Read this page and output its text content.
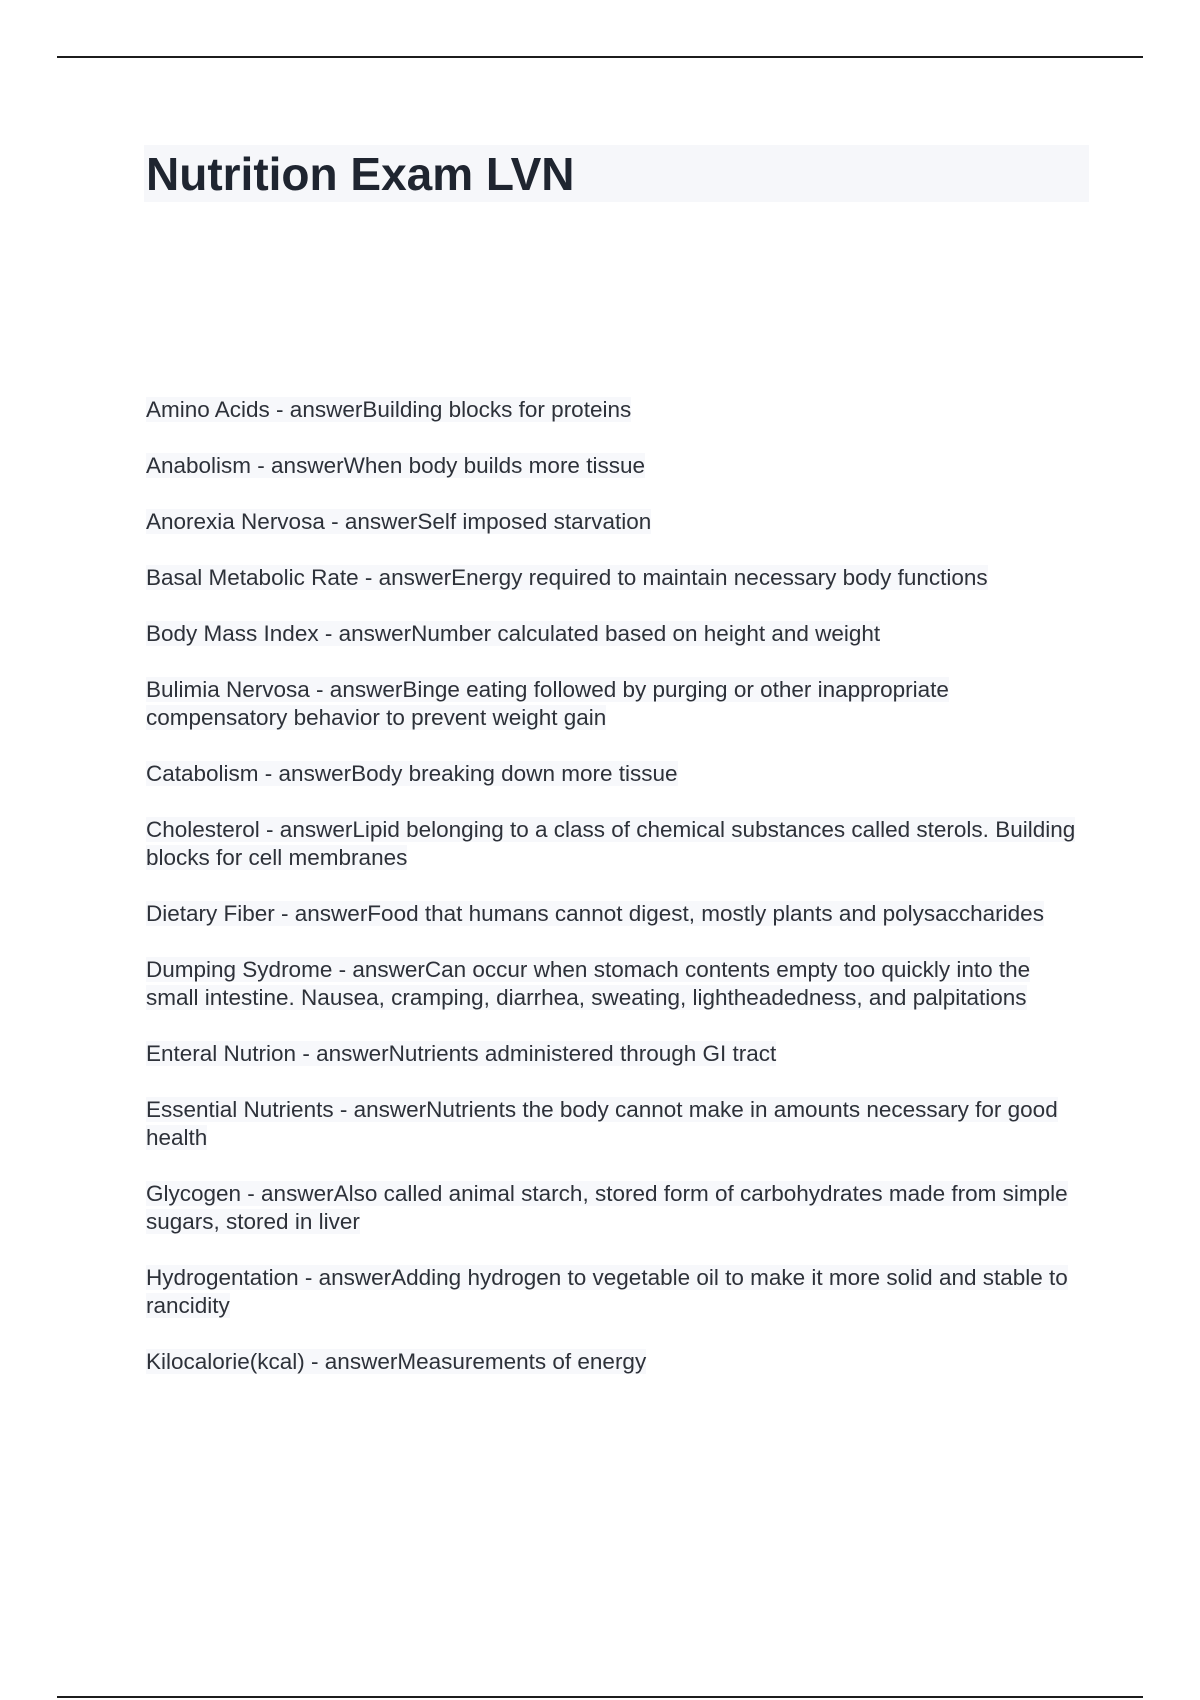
Nutrition Exam LVN
Amino Acids - answerBuilding blocks for proteins
Anabolism - answerWhen body builds more tissue
Anorexia Nervosa - answerSelf imposed starvation
Basal Metabolic Rate - answerEnergy required to maintain necessary body functions
Body Mass Index - answerNumber calculated based on height and weight
Bulimia Nervosa - answerBinge eating followed by purging or other inappropriate compensatory behavior to prevent weight gain
Catabolism - answerBody breaking down more tissue
Cholesterol - answerLipid belonging to a class of chemical substances called sterols. Building blocks for cell membranes
Dietary Fiber - answerFood that humans cannot digest, mostly plants and polysaccharides
Dumping Sydrome - answerCan occur when stomach contents empty too quickly into the small intestine. Nausea, cramping, diarrhea, sweating, lightheadedness, and palpitations
Enteral Nutrion - answerNutrients administered through GI tract
Essential Nutrients - answerNutrients the body cannot make in amounts necessary for good health
Glycogen - answerAlso called animal starch, stored form of carbohydrates made from simple sugars, stored in liver
Hydrogentation - answerAdding hydrogen to vegetable oil to make it more solid and stable to rancidity
Kilocalorie(kcal) - answerMeasurements of energy
